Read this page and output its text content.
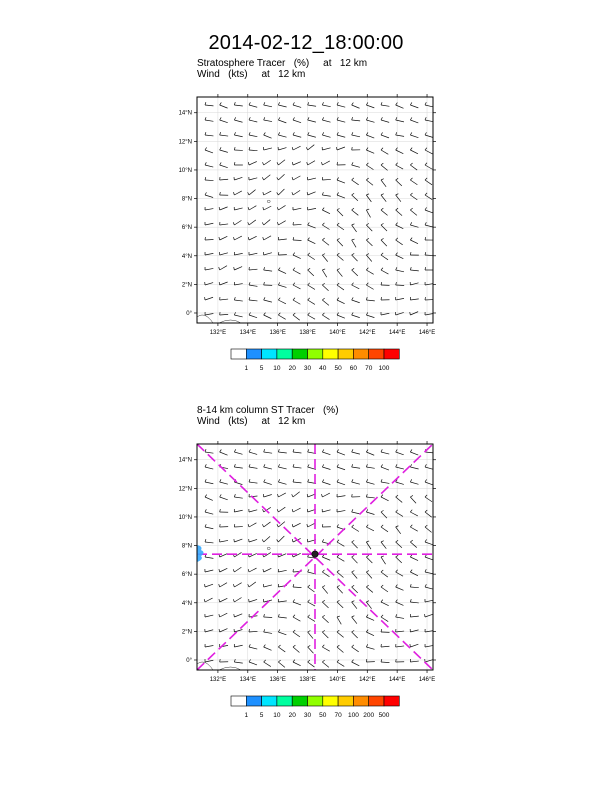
2014-02-12_18:00:00
Stratosphere Tracer   (%)     at   12 km
Wind   (kts)     at   12 km
132°E 134°E 136°E 138°E 140°E 142°E 144°E 146°E
0°
2°N
4°N
6°N
8°N
10°N
12°N
14°N
1 5 10 20 30 40 50 60 70 100
8-14 km column ST Tracer   (%)
Wind   (kts)     at   12 km
132°E 134°E 136°E 138°E 140°E 142°E 144°E 146°E
0°
2°N
4°N
6°N
8°N
10°N
12°N
14°N
1 5 10 20 30 50 70 100 200 500
